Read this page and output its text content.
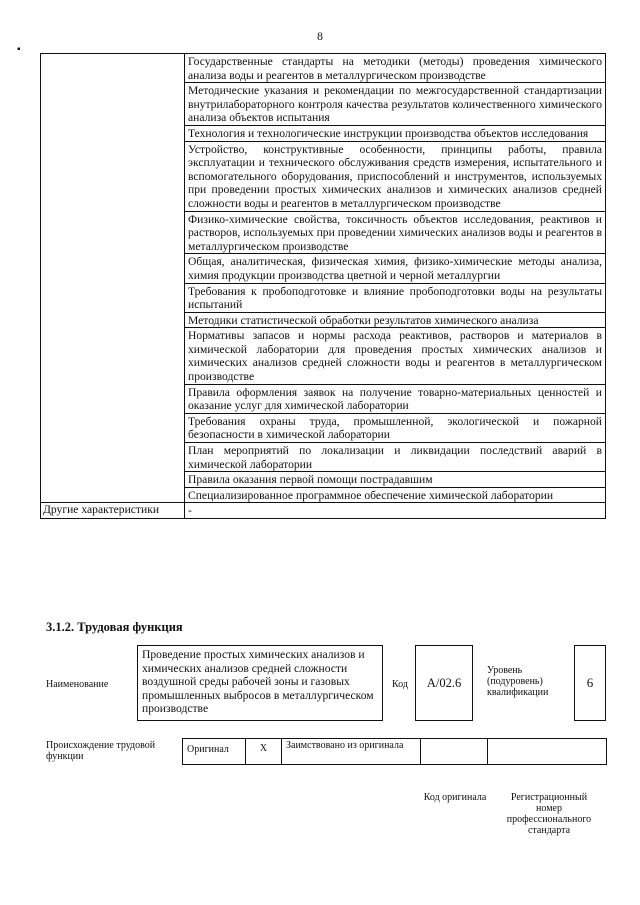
8
▪
	Государственные стандарты на методики (методы) проведения химического анализа воды и реагентов в металлургическом производстве
	Методические указания и рекомендации по межгосударственной стандартизации внутрилабораторного контроля качества результатов количественного химического анализа объектов испытания
	Технология и технологические инструкции производства объектов исследования
	Устройство, конструктивные особенности, принципы работы, правила эксплуатации и технического обслуживания средств измерения, испытательного и вспомогательного оборудования, приспособлений и инструментов, используемых при проведении простых химических анализов и химических анализов средней сложности воды и реагентов в металлургическом производстве
	Физико-химические свойства, токсичность объектов исследования, реактивов и растворов, используемых при проведении химических анализов воды и реагентов в металлургическом производстве
	Общая, аналитическая, физическая химия, физико-химические методы анализа, химия продукции производства цветной и черной металлургии
	Требования к пробоподготовке и влияние пробоподготовки воды на результаты испытаний
	Методики статистической обработки результатов химического анализа
	Нормативы запасов и нормы расхода реактивов, растворов и материалов в химической лаборатории для проведения простых химических анализов и химических анализов средней сложности воды и реагентов в металлургическом производстве
	Правила оформления заявок на получение товарно-материальных ценностей и оказание услуг для химической лаборатории
	Требования охраны труда, промышленной, экологической и пожарной безопасности в химической лаборатории
	План мероприятий по локализации и ликвидации последствий аварий в химической лаборатории
	Правила оказания первой помощи пострадавшим
	Специализированное программное обеспечение химической лаборатории
Другие характеристики	-
3.1.2. Трудовая функция
Наименование
Проведение простых химических анализов и химических анализов средней сложности воздушной среды рабочей зоны и газовых промышленных выбросов в металлургическом производстве
Код	A/02.6
Уровень (подуровень) квалификации
6
Происхождение трудовой функции
Оригинал	X	Заимствовано из оригинала		
Код оригинала	Регистрационный номер профессионального стандарта
